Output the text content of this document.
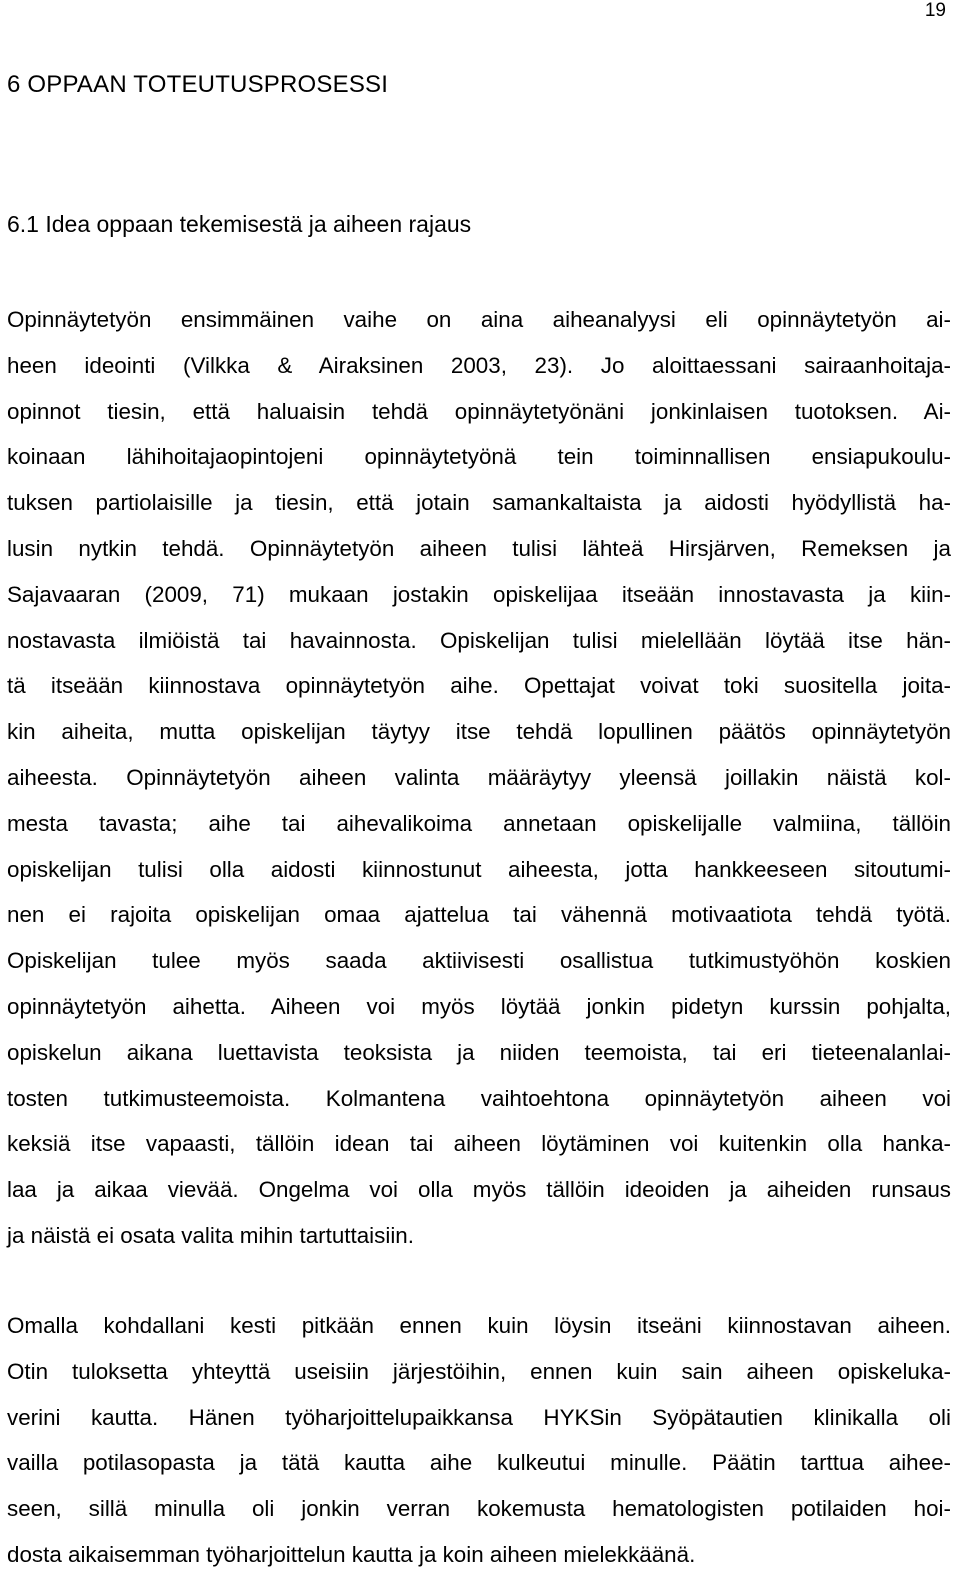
19
6 OPPAAN TOTEUTUSPROSESSI
6.1 Idea oppaan tekemisestä ja aiheen rajaus
Opinnäytetyön ensimmäinen vaihe on aina aiheanalyysi eli opinnäytetyön ai-
heen ideointi (Vilkka & Airaksinen 2003, 23). Jo aloittaessani sairaanhoitaja-
opinnot tiesin, että haluaisin tehdä opinnäytetyönäni jonkinlaisen tuotoksen. Ai-
koinaan lähihoitajaopintojeni opinnäytetyönä tein toiminnallisen ensiapukoulu-
tuksen partiolaisille ja tiesin, että jotain samankaltaista ja aidosti hyödyllistä ha-
lusin nytkin tehdä. Opinnäytetyön aiheen tulisi lähteä Hirsjärven, Remeksen ja
Sajavaaran (2009, 71) mukaan jostakin opiskelijaa itseään innostavasta ja kiin-
nostavasta ilmiöistä tai havainnosta. Opiskelijan tulisi mielellään löytää itse hän-
tä itseään kiinnostava opinnäytetyön aihe. Opettajat voivat toki suositella joita-
kin aiheita, mutta opiskelijan täytyy itse tehdä lopullinen päätös opinnäytetyön
aiheesta. Opinnäytetyön aiheen valinta määräytyy yleensä joillakin näistä kol-
mesta tavasta; aihe tai aihevalikoima annetaan opiskelijalle valmiina, tällöin
opiskelijan tulisi olla aidosti kiinnostunut aiheesta, jotta hankkeeseen sitoutumi-
nen ei rajoita opiskelijan omaa ajattelua tai vähennä motivaatiota tehdä työtä.
Opiskelijan tulee myös saada aktiivisesti osallistua tutkimustyöhön koskien
opinnäytetyön aihetta. Aiheen voi myös löytää jonkin pidetyn kurssin pohjalta,
opiskelun aikana luettavista teoksista ja niiden teemoista, tai eri tieteenalanlai-
tosten tutkimusteemoista. Kolmantena vaihtoehtona opinnäytetyön aiheen voi
keksiä itse vapaasti, tällöin idean tai aiheen löytäminen voi kuitenkin olla hanka-
laa ja aikaa vievää. Ongelma voi olla myös tällöin ideoiden ja aiheiden runsaus
ja näistä ei osata valita mihin tartuttaisiin.
Omalla kohdallani kesti pitkään ennen kuin löysin itseäni kiinnostavan aiheen.
Otin tuloksetta yhteyttä useisiin järjestöihin, ennen kuin sain aiheen opiskeluka-
verini kautta. Hänen työharjoittelupaikkansa HYKSin Syöpätautien klinikalla oli
vailla potilasopasta ja tätä kautta aihe kulkeutui minulle. Päätin tarttua aihee-
seen, sillä minulla oli jonkin verran kokemusta hematologisten potilaiden hoi-
dosta aikaisemman työharjoittelun kautta ja koin aiheen mielekkäänä.
